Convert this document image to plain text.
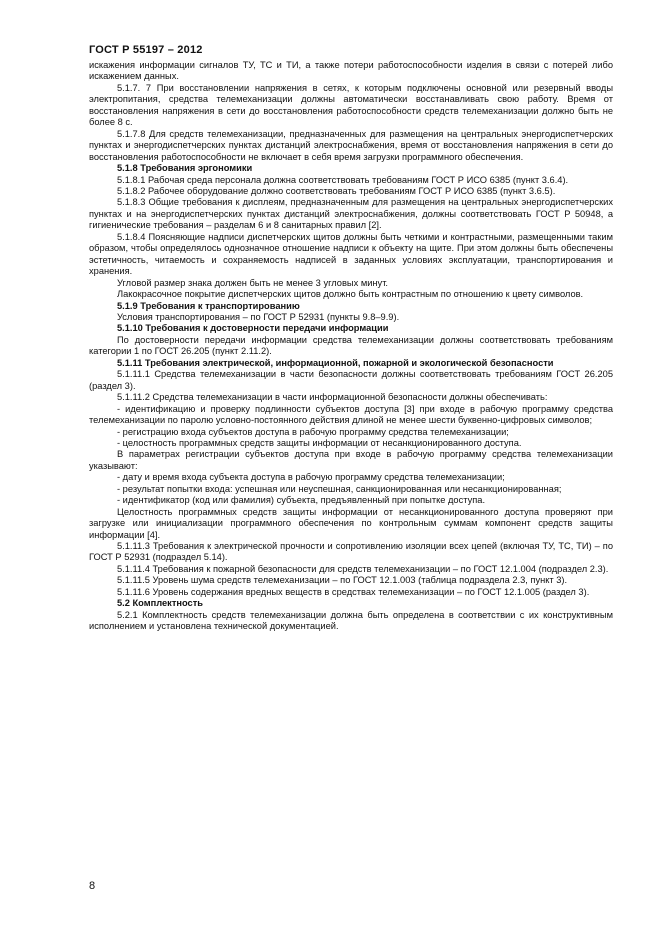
ГОСТ Р 55197 – 2012

искажения информации сигналов ТУ, ТС и ТИ, а также потери работоспособности изделия в связи с потерей либо искажением данных.

5.1.7. 7 При восстановлении напряжения в сетях, к которым подключены основной или резервный вводы электропитания, средства телемеханизации должны автоматически восстанавливать свою работу. Время от восстановления напряжения в сети до восстановления работоспособности средств телемеханизации должно быть не более 8 с.

5.1.7.8 Для средств телемеханизации, предназначенных для размещения на центральных энергодиспетчерских пунктах и энергодиспетчерских пунктах дистанций электроснабжения, время от восстановления напряжения в сети до восстановления работоспособности не включает в себя время загрузки программного обеспечения.

5.1.8 Требования эргономики

5.1.8.1 Рабочая среда персонала должна соответствовать требованиям ГОСТ Р ИСО 6385 (пункт 3.6.4).

5.1.8.2 Рабочее оборудование должно соответствовать требованиям ГОСТ Р ИСО 6385 (пункт 3.6.5).

5.1.8.3 Общие требования к дисплеям, предназначенным для размещения на центральных энергодиспетчерских пунктах и на энергодиспетчерских пунктах дистанций электроснабжения, должны соответствовать ГОСТ Р 50948, а гигиенические требования – разделам 6 и 8 санитарных правил [2].

5.1.8.4 Поясняющие надписи диспетчерских щитов должны быть четкими и контрастными, размещенными таким образом, чтобы определялось однозначное отношение надписи к объекту на щите. При этом должны быть обеспечены эстетичность, читаемость и сохраняемость надписей в заданных условиях эксплуатации, транспортирования и хранения.

Угловой размер знака должен быть не менее 3 угловых минут.

Лакокрасочное покрытие диспетчерских щитов должно быть контрастным по отношению к цвету символов.

5.1.9 Требования к транспортированию

Условия транспортирования – по ГОСТ Р 52931 (пункты 9.8–9.9).

5.1.10 Требования к достоверности передачи информации

По достоверности передачи информации средства телемеханизации должны соответствовать требованиям категории 1 по ГОСТ 26.205 (пункт 2.11.2).

5.1.11 Требования электрической, информационной, пожарной и экологической безопасности

5.1.11.1 Средства телемеханизации в части безопасности должны соответствовать требованиям ГОСТ 26.205 (раздел 3).

5.1.11.2 Средства телемеханизации в части информационной безопасности должны обеспечивать:

- идентификацию и проверку подлинности субъектов доступа [3] при входе в рабочую программу средства телемеханизации по паролю условно-постоянного действия длиной не менее шести буквенно-цифровых символов;

- регистрацию входа субъектов доступа в рабочую программу средства телемеханизации;

- целостность программных средств защиты информации от несанкционированного доступа.

В параметрах регистрации субъектов доступа при входе в рабочую программу средства телемеханизации указывают:

- дату и время входа субъекта доступа в рабочую программу средства телемеханизации;

- результат попытки входа: успешная или неуспешная, санкционированная или несанкционированная;

- идентификатор (код или фамилия) субъекта, предъявленный при попытке доступа.

Целостность программных средств защиты информации от несанкционированного доступа проверяют при загрузке или инициализации программного обеспечения по контрольным суммам компонент средств защиты информации [4].

5.1.11.3 Требования к электрической прочности и сопротивлению изоляции всех цепей (включая ТУ, ТС, ТИ) – по ГОСТ Р 52931 (подраздел 5.14).

5.1.11.4 Требования к пожарной безопасности для средств телемеханизации – по ГОСТ 12.1.004 (подраздел 2.3).

5.1.11.5 Уровень шума средств телемеханизации – по ГОСТ 12.1.003 (таблица подраздела 2.3, пункт 3).

5.1.11.6 Уровень содержания вредных веществ в средствах телемеханизации – по ГОСТ 12.1.005 (раздел 3).

5.2 Комплектность

5.2.1 Комплектность средств телемеханизации должна быть определена в соответствии с их конструктивным исполнением и установлена технической документацией.

8
